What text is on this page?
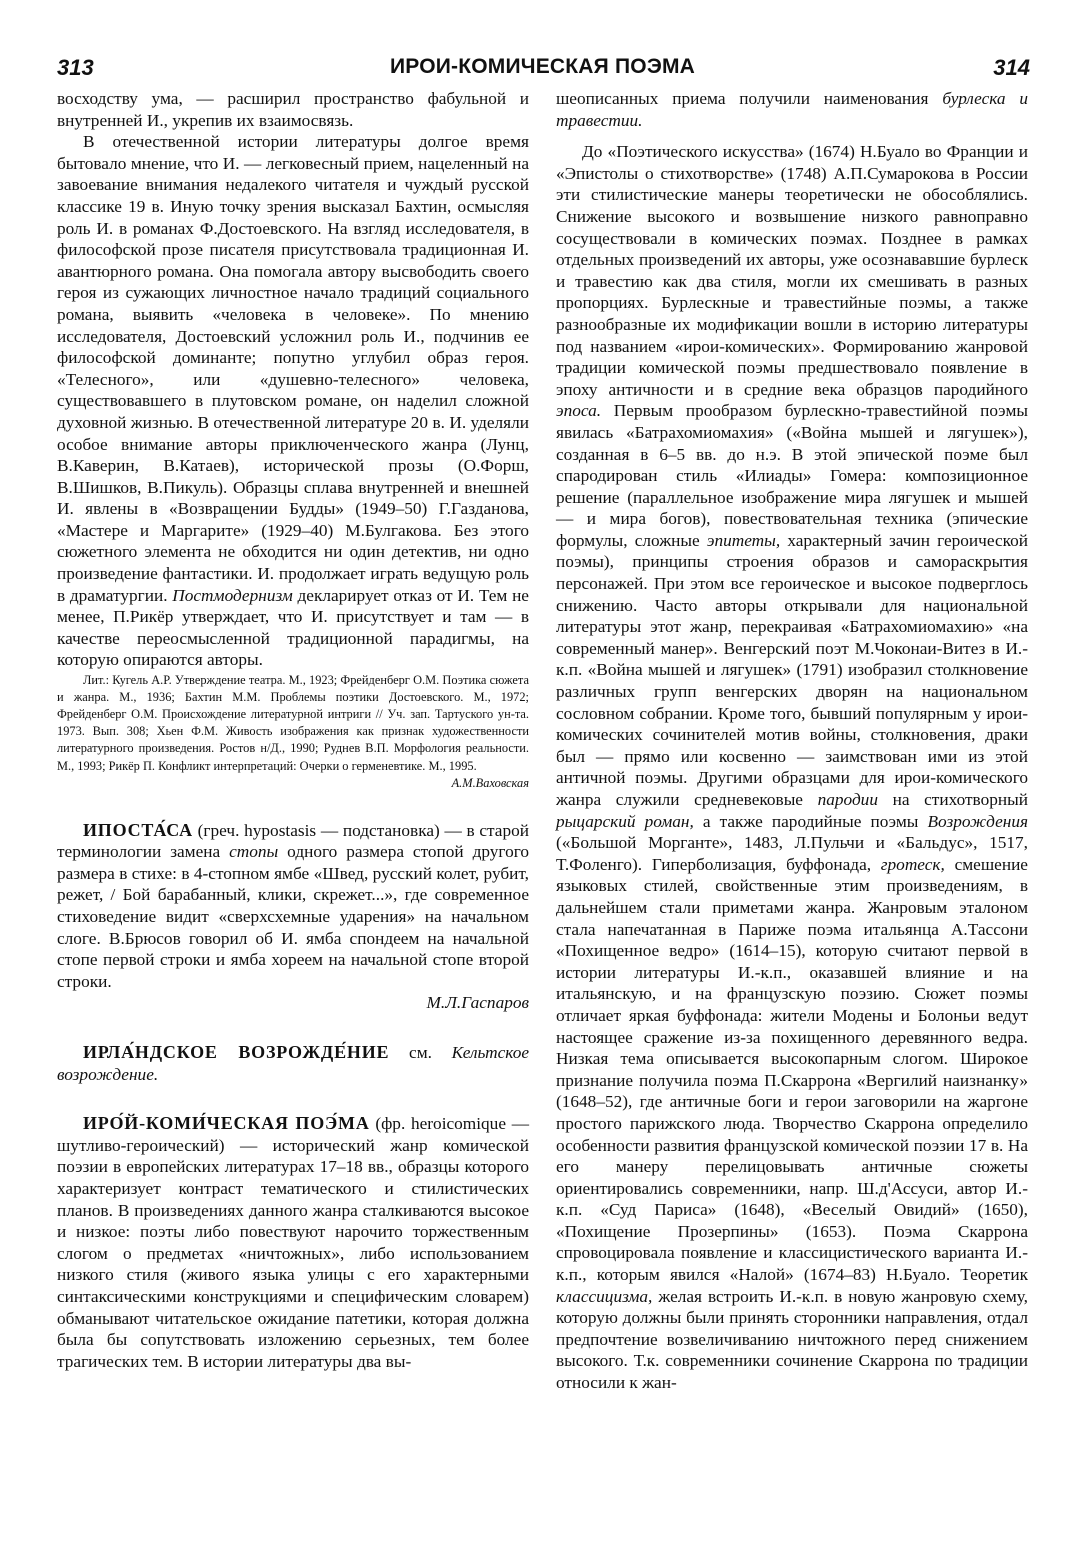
313	ИРОИ-КОМИЧЕСКАЯ ПОЭМА	314

восходству ума, — расширил пространство фабульной и внутренней И., укрепив их взаимосвязь.

В отечественной истории литературы долгое время бытовало мнение, что И. — легковесный прием, нацеленный на завоевание внимания недалекого читателя и чуждый русской классике 19 в. Иную точку зрения высказал Бахтин, осмысляя роль И. в романах Ф.Достоевского. На взгляд исследователя, в философской прозе писателя присутствовала традиционная И. авантюрного романа. Она помогала автору высвободить своего героя из сужающих личностное начало традиций социального романа, выявить «человека в человеке». По мнению исследователя, Достоевский усложнил роль И., подчинив ее философской доминанте; попутно углубил образ героя. «Телесного», или «душевно-телесного» человека, существовавшего в плутовском романе, он наделил сложной духовной жизнью. В отечественной литературе 20 в. И. уделяли особое внимание авторы приключенческого жанра (Лунц, В.Каверин, В.Катаев), исторической прозы (О.Форш, В.Шишков, В.Пикуль). Образцы сплава внутренней и внешней И. явлены в «Возвращении Будды» (1949–50) Г.Газданова, «Мастере и Маргарите» (1929–40) М.Булгакова. Без этого сюжетного элемента не обходится ни один детектив, ни одно произведение фантастики. И. продолжает играть ведущую роль в драматургии. Постмодернизм декларирует отказ от И. Тем не менее, П.Рикёр утверждает, что И. присутствует и там — в качестве переосмысленной традиционной парадигмы, на которую опираются авторы.

Лит.: Кугель А.Р. Утверждение театра. М., 1923; Фрейденберг О.М. Поэтика сюжета и жанра. М., 1936; Бахтин М.М. Проблемы поэтики Достоевского. М., 1972; Фрейденберг О.М. Происхождение литературной интриги // Уч. зап. Тартуского ун-та. 1973. Вып. 308; Хьен Ф.М. Живость изображения как признак художественности литературного произведения. Ростов н/Д., 1990; Руднев В.П. Морфология реальности. М., 1993; Рикёр П. Конфликт интерпретаций: Очерки о герменевтике. М., 1995.
А.М.Ваховская

ИПОСТА́СА (греч. hypostasis — подстановка) — в старой терминологии замена стопы одного размера стопой другого размера в стихе: в 4-стопном ямбе «Швед, русский колет, рубит, режет, / Бой барабанный, клики, скрежет...», где современное стиховедение видит «сверхсхемные ударения» на начальном слоге. В.Брюсов говорил об И. ямба спондеем на начальной стопе первой строки и ямба хореем на начальной стопе второй строки.
М.Л.Гаспаров

ИРЛА́НДСКОЕ ВОЗРОЖДЕ́НИЕ см. Кельтское возрождение.

ИРО́Й-КОМИ́ЧЕСКАЯ ПОЭ́МА (фр. heroicomique — шутливо-героический) — исторический жанр комической поэзии в европейских литературах 17–18 вв., образцы которого характеризует контраст тематического и стилистических планов. В произведениях данного жанра сталкиваются высокое и низкое: поэты либо повествуют нарочито торжественным слогом о предметах «ничтожных», либо использованием низкого стиля (живого языка улицы с его характерными синтаксическими конструкциями и специфическим словарем) обманывают читательское ожидание патетики, которая должна была бы сопутствовать изложению серьезных, тем более трагических тем. В истории литературы два вы-

шеописанных приема получили наименования бурлеска и травестии.

До «Поэтического искусства» (1674) Н.Буало во Франции и «Эпистолы о стихотворстве» (1748) А.П.Сумарокова в России эти стилистические манеры теоретически не обособлялись. Снижение высокого и возвышение низкого равноправно сосуществовали в комических поэмах. Позднее в рамках отдельных произведений их авторы, уже осознававшие бурлеск и травестию как два стиля, могли их смешивать в разных пропорциях. Бурлескные и травестийные поэмы, а также разнообразные их модификации вошли в историю литературы под названием «ирои-комических». Формированию жанровой традиции комической поэмы предшествовало появление в эпоху античности и в средние века образцов пародийного эпоса. Первым прообразом бурлескно-травестийной поэмы явилась «Батрахомиомахия» («Война мышей и лягушек»), созданная в 6–5 вв. до н.э. В этой эпической поэме был спародирован стиль «Илиады» Гомера: композиционное решение (параллельное изображение мира лягушек и мышей — и мира богов), повествовательная техника (эпические формулы, сложные эпитеты, характерный зачин героической поэмы), принципы строения образов и самораскрытия персонажей. При этом все героическое и высокое подверглось снижению. Часто авторы открывали для национальной литературы этот жанр, перекраивая «Батрахомиомахию» «на современный манер». Венгерский поэт М.Чоконаи-Витез в И.-к.п. «Война мышей и лягушек» (1791) изобразил столкновение различных групп венгерских дворян на национальном сословном собрании. Кроме того, бывший популярным у ирои-комических сочинителей мотив войны, столкновения, драки был — прямо или косвенно — заимствован ими из этой античной поэмы. Другими образцами для ирои-комического жанра служили средневековые пародии на стихотворный рыцарский роман, а также пародийные поэмы Возрождения («Большой Морганте», 1483, Л.Пульчи и «Бальдус», 1517, Т.Фоленго). Гиперболизация, буффонада, гротеск, смешение языковых стилей, свойственные этим произведениям, в дальнейшем стали приметами жанра. Жанровым эталоном стала напечатанная в Париже поэма итальянца А.Тассони «Похищенное ведро» (1614–15), которую считают первой в истории литературы И.-к.п., оказавшей влияние и на итальянскую, и на французскую поэзию. Сюжет поэмы отличает яркая буффонада: жители Модены и Болоньи ведут настоящее сражение из-за похищенного деревянного ведра. Низкая тема описывается высокопарным слогом. Широкое признание получила поэма П.Скаррона «Вергилий наизнанку» (1648–52), где античные боги и герои заговорили на жаргоне простого парижского люда. Творчество Скаррона определило особенности развития французской комической поэзии 17 в. На его манеру перелицовывать античные сюжеты ориентировались современники, напр. Ш.д'Ассуси, автор И.-к.п. «Суд Париса» (1648), «Веселый Овидий» (1650), «Похищение Прозерпины» (1653). Поэма Скаррона спровоцировала появление и классицистического варианта И.-к.п., которым явился «Налой» (1674–83) Н.Буало. Теоретик классицизма, желая встроить И.-к.п. в новую жанровую схему, которую должны были принять сторонники направления, отдал предпочтение возвеличиванию ничтожного перед снижением высокого. Т.к. современники сочинение Скаррона по традиции относили к жан-
